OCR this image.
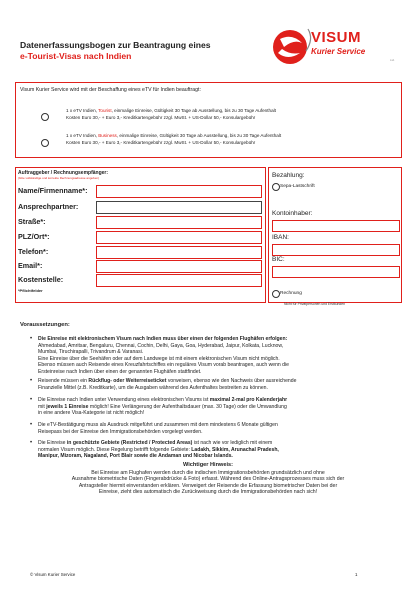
Datenerfassungsbogen zur Beantragung eines
e-Tourist-Visas nach Indien
VISUM
Kurier Service
Ltd.
Visum Kurier Service wird mit der Beschaffung eines eTV für Indien beauftragt:
1 x eTV Indien, Tourist, einmalige Einreise, Gültigkeit 30 Tage ab Ausstellung, bis zu 30 Tage Aufenthalt
Kosten Euro 30,- + Euro 3,- Kreditkartengebühr zzgl. MwSt. + US-Dollar 50,- Konsulargebühr
1 x eTV Indien, Business, einmalige Einreise, Gültigkeit 30 Tage ab Ausstellung, bis zu 30 Tage Aufenthalt
Kosten Euro 30,- + Euro 3,- Kreditkartengebühr zzgl. MwSt. + US-Dollar 50,- Konsulargebühr
Auftraggeber / Rechnungsempfänger:
(bitte vollständige und korrekte Rechnungsadresse angeben)
Name/Firmenname*:
Ansprechpartner:
Straße*:
PLZ/Ort*:
Telefon*:
Email*:
Kostenstelle:
*Pflichtfelder
Bezahlung:
Sepa-Lastschrift
Kontoinhaber:
IBAN:
BIC:
Rechnung
Nicht für Privatpersonen und Erstkunden
Voraussetzungen:
• Die Einreise mit elektronischem Visum nach Indien muss über einen der folgenden Flughäfen erfolgen:
Ahmedabad, Amritsar, Bengaluru, Chennai, Cochin, Delhi, Gaya, Goa, Hyderabad, Jaipur, Kolkata, Lucknow,
Mumbai, Tiruchirapalli, Trivandrum & Varanasi.
Eine Einreise über die Seehäfen oder auf dem Landwege ist mit einem elektronischen Visum nicht möglich.
Ebenso müssen auch Reisende eines Kreuzfahrtschiffes ein reguläres Visum vorab beantragen, auch wenn die
Ersteinreise nach Indien über einen der genannten Flughäfen stattfindet.
• Reisende müssen ein Rückflug- oder Weiterreiseticket vorweisen, ebenso wie den Nachweis über ausreichende
Finanzielle Mittel (z.B. Kreditkarte), um die Ausgaben während des Aufenthaltes bestreiten zu können.
• Die Einreise nach Indien unter Verwendung eines elektronischen Visums ist maximal 2-mal pro Kalenderjahr
mit jeweils 1 Einreise möglich! Eine Verlängerung der Aufenthaltsdauer (max. 30 Tage) oder die Umwandlung
in eine andere Visa-Kategorie ist nicht möglich!
• Die eTV-Bestätigung muss als Ausdruck mitgeführt und zusammen mit dem mindestens 6 Monate gültigen
Reisepass bei der Einreise den Immigrationsbehörden vorgelegt werden.
• Die Einreise in geschützte Gebiete (Restricted / Protected Areas) ist nach wie vor lediglich mit einem
normalen Visum möglich. Diese Regelung betrifft folgende Gebiete: Ladakh, Sikkim, Arunachal Pradesh,
Manipur, Mizoram, Nagaland, Port Blair sowie die Andaman und Nicobar Islands.
Wichtiger Hinweis:
Bei Einreise am Flughafen werden durch die indischen Immigrationsbehörden grundsätzlich und ohne
Ausnahme biometrische Daten (Fingerabdrücke & Foto) erfasst. Während des Online-Antragsprozesses muss sich der
Antragsteller hiermit einverstanden erklären. Verweigert der Reisende die Erfassung biometrischer Daten bei der
Einreise, zieht dies automatisch die Zurückweisung durch die Immigrationsbehörden nach sich!
© Visum Kurier Service	1
